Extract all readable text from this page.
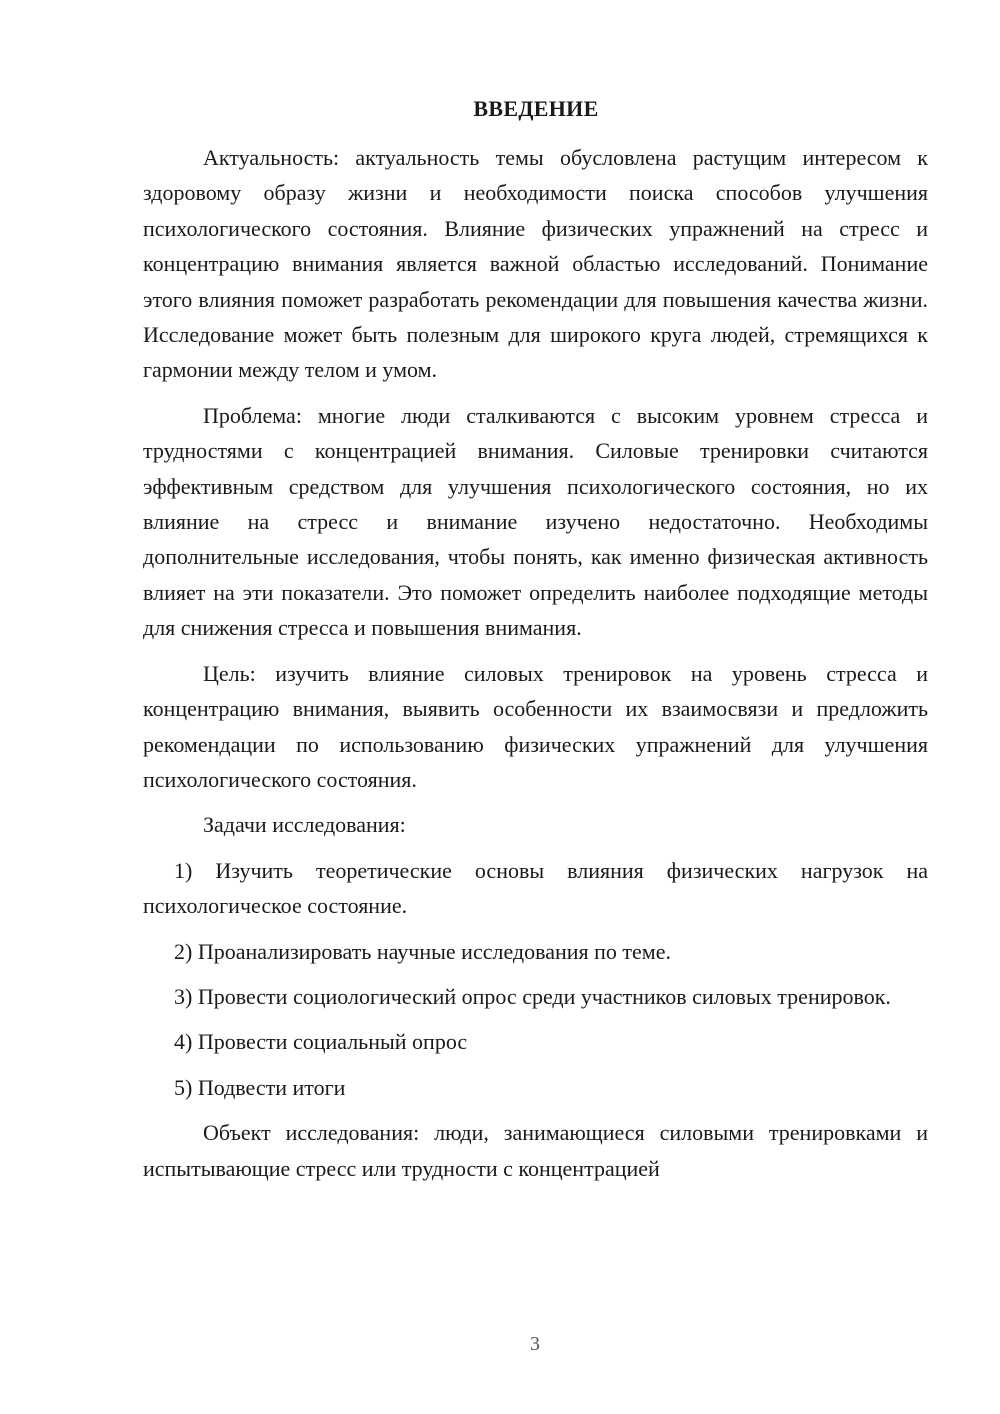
ВВЕДЕНИЕ

Актуальность: актуальность темы обусловлена растущим интересом к здоровому образу жизни и необходимости поиска способов улучшения психологического состояния. Влияние физических упражнений на стресс и концентрацию внимания является важной областью исследований. Понимание этого влияния поможет разработать рекомендации для повышения качества жизни. Исследование может быть полезным для широкого круга людей, стремящихся к гармонии между телом и умом.

Проблема: многие люди сталкиваются с высоким уровнем стресса и трудностями с концентрацией внимания. Силовые тренировки считаются эффективным средством для улучшения психологического состояния, но их влияние на стресс и внимание изучено недостаточно. Необходимы дополнительные исследования, чтобы понять, как именно физическая активность влияет на эти показатели. Это поможет определить наиболее подходящие методы для снижения стресса и повышения внимания.

Цель: изучить влияние силовых тренировок на уровень стресса и концентрацию внимания, выявить особенности их взаимосвязи и предложить рекомендации по использованию физических упражнений для улучшения психологического состояния.

Задачи исследования:

1) Изучить теоретические основы влияния физических нагрузок на психологическое состояние.

2) Проанализировать научные исследования по теме.

3) Провести социологический опрос среди участников силовых тренировок.

4) Провести социальный опрос

5) Подвести итоги

Объект исследования: люди, занимающиеся силовыми тренировками и испытывающие стресс или трудности с концентрацией

3
